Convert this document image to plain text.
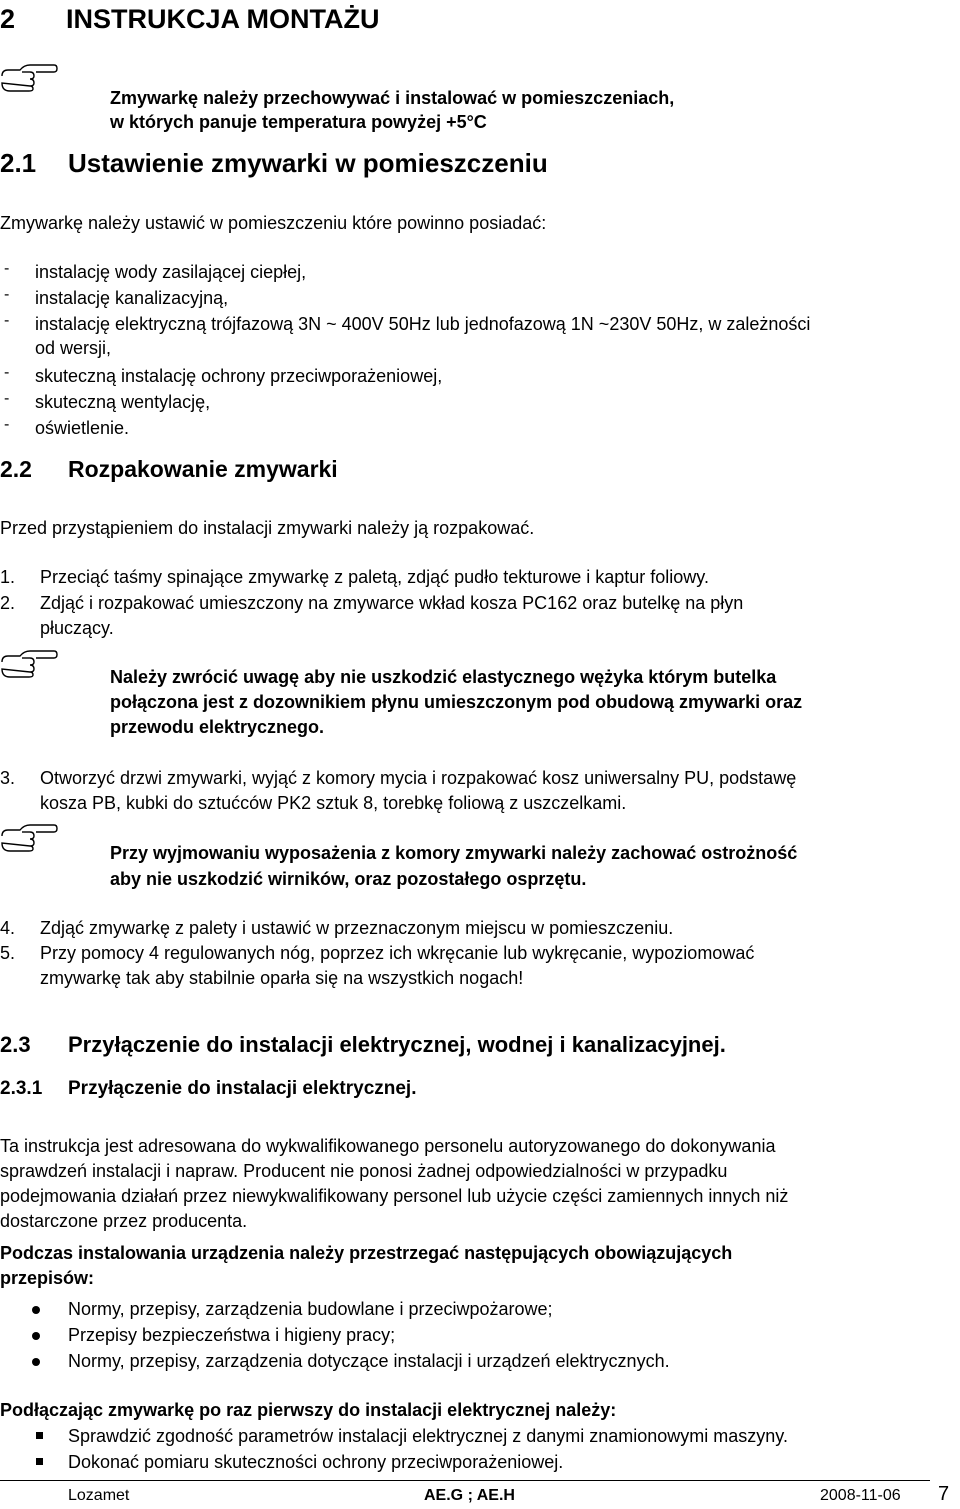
2 INSTRUKCJA MONTAŻU
Zmywarkę należy przechowywać i instalować w pomieszczeniach,
w których panuje temperatura powyżej +5°C
2.1 Ustawienie zmywarki w pomieszczeniu
Zmywarkę należy ustawić w pomieszczeniu które powinno posiadać:
- instalację wody zasilającej ciepłej,
- instalację kanalizacyjną,
- instalację elektryczną trójfazową 3N ~ 400V 50Hz lub jednofazową 1N ~230V 50Hz, w zależności
od wersji,
- skuteczną instalację ochrony przeciwporażeniowej,
- skuteczną wentylację,
- oświetlenie.
2.2 Rozpakowanie zmywarki
Przed przystąpieniem do instalacji zmywarki należy ją rozpakować.
1. Przeciąć taśmy spinające zmywarkę z paletą, zdjąć pudło tekturowe i kaptur foliowy.
2. Zdjąć i rozpakować umieszczony na zmywarce wkład kosza PC162 oraz butelkę na płyn
płuczący.
Należy zwrócić uwagę aby nie uszkodzić elastycznego wężyka którym butelka
połączona jest z dozownikiem płynu umieszczonym pod obudową zmywarki oraz
przewodu elektrycznego.
3. Otworzyć drzwi zmywarki, wyjąć z komory mycia i rozpakować kosz uniwersalny PU, podstawę
kosza PB, kubki do sztućców PK2 sztuk 8, torebkę foliową z uszczelkami.
Przy wyjmowaniu wyposażenia z komory zmywarki należy zachować ostrożność
aby nie uszkodzić wirników, oraz pozostałego osprzętu.
4. Zdjąć zmywarkę z palety i ustawić w przeznaczonym miejscu w pomieszczeniu.
5. Przy pomocy 4 regulowanych nóg, poprzez ich wkręcanie lub wykręcanie, wypoziomować
zmywarkę tak aby stabilnie oparła się na wszystkich nogach!
2.3 Przyłączenie do instalacji elektrycznej, wodnej i kanalizacyjnej.
2.3.1 Przyłączenie do instalacji elektrycznej.
Ta instrukcja jest adresowana do wykwalifikowanego personelu autoryzowanego do dokonywania
sprawdzeń instalacji i napraw. Producent nie ponosi żadnej odpowiedzialności w przypadku
podejmowania działań przez niewykwalifikowany personel lub użycie części zamiennych innych niż
dostarczone przez producenta.
Podczas instalowania urządzenia należy przestrzegać następujących obowiązujących
przepisów:
Normy, przepisy, zarządzenia budowlane i przeciwpożarowe;
Przepisy bezpieczeństwa i higieny pracy;
Normy, przepisy, zarządzenia dotyczące instalacji i urządzeń elektrycznych.
Podłączając zmywarkę po raz pierwszy do instalacji elektrycznej należy:
Sprawdzić zgodność parametrów instalacji elektrycznej z danymi znamionowymi maszyny.
Dokonać pomiaru skuteczności ochrony przeciwporażeniowej.
Lozamet	AE.G ; AE.H	2008-11-06 7
